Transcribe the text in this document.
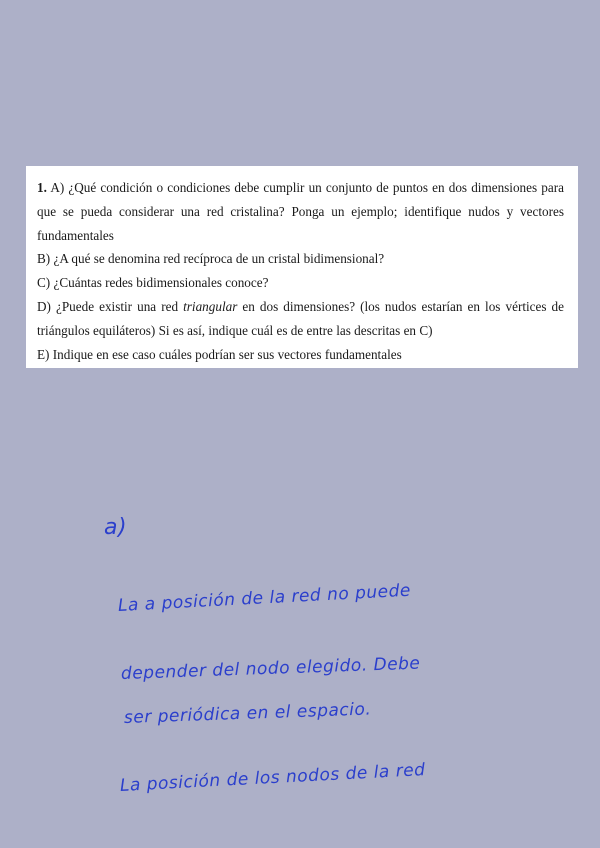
1. A) ¿Qué condición o condiciones debe cumplir un conjunto de puntos en dos dimensiones para que se pueda considerar una red cristalina? Ponga un ejemplo; identifique nudos y vectores fundamentales
B) ¿A qué se denomina red recíproca de un cristal bidimensional?
C) ¿Cuántas redes bidimensionales conoce?
D) ¿Puede existir una red triangular en dos dimensiones? (los nudos estarían en los vértices de triángulos equiláteros) Si es así, indique cuál es de entre las descritas en C)
E) Indique en ese caso cuáles podrían ser sus vectores fundamentales
a)
La a posición de la red no puede
depender del nodo elegido. Debe
ser periódica en el espacio.
La posición de los nodos de la red
